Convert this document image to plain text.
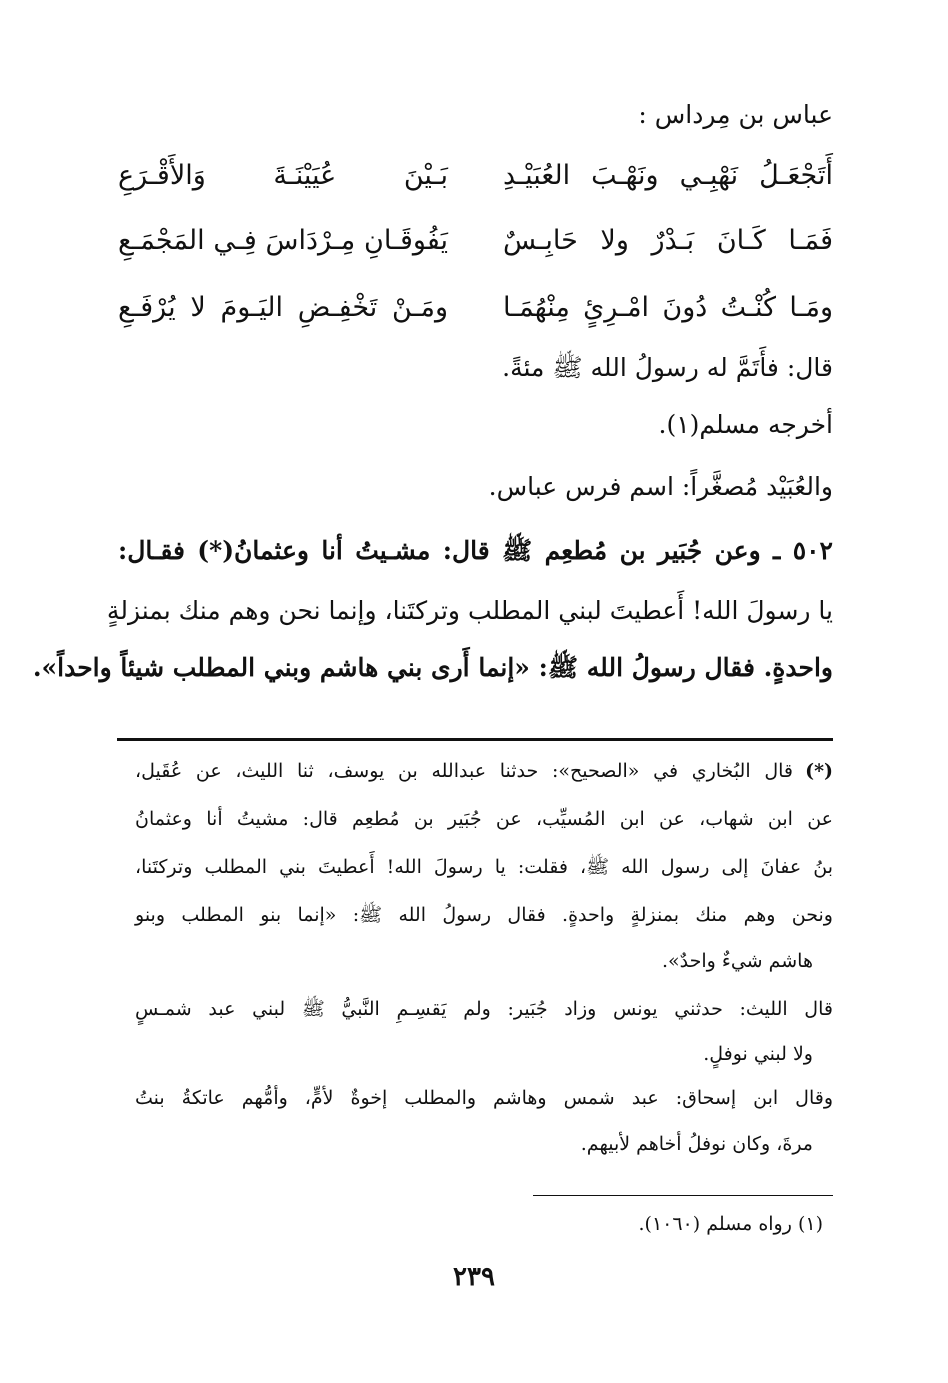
عباس بن مِرداس :
أَتَجْعَـلُ نَهْبِـي ونَهْـبَ العُبَيْـدِ
بَـيْنَ عُيَيْنَـةَ وَالأَقْـرَعِ
فَمَـا كَـانَ بَـدْرٌ ولا حَابِـسٌ
يَفُوقَـانِ مِـرْدَاسَ فِـي المَجْمَـعِ
ومَـا كُنْـتُ دُونَ امْـرِئٍ مِنْهُمَـا
ومَـنْ تَخْفِـضِ اليَـومَ لا يُرْفَـعِ
قال: فأَتَمَّ له رسولُ الله ﷺ مئةً.
أخرجه مسلم(١).
والعُبَيْد مُصغَّراً: اسم فرس عباس.
٥٠٢ ـ وعن جُبَير بن مُطعِم ﷺ قال: مشـيتُ أنا وعثمانُ(*) فقـال:
يا رسولَ الله! أَعطيتَ لبني المطلب وتركتَنا، وإنما نحن وهم منك بمنزلةٍ
واحدةٍ. فقال رسولُ الله ﷺ: «إنما أَرى بني هاشم وبني المطلب شيئاً واحداً».
(*)
قال البُخاري في «الصحيح»: حدثنا عبدالله بن يوسف، ثنا الليث، عن عُقَيل،
عن ابن شهاب، عن ابن المُسيِّب، عن جُبَير بن مُطعِم قال: مشيتُ أنا وعثمانُ
بنُ عفانَ إلى رسول الله ﷺ، فقلت: يا رسولَ الله! أَعطيتَ بني المطلب وتركتَنا،
ونحن وهم منك بمنزلةٍ واحدةٍ. فقال رسولُ الله ﷺ: «إنما بنو المطلب وبنو
هاشم شيءٌ واحدٌ».
قال الليث: حدثني يونس وزاد جُبَير: ولم يَقسِـمِ النَّبيُّ ﷺ لبني عبد شمـسٍ
ولا لبني نوفلٍ.
وقال ابن إسحاق: عبد شمس وهاشم والمطلب إخوةٌ لأمٍّ، وأمُّهم عاتكةُ بنتُ
مرةَ، وكان نوفلُ أخاهم لأبيهم.
(١) رواه مسلم (١٠٦٠).
٢٣٩
